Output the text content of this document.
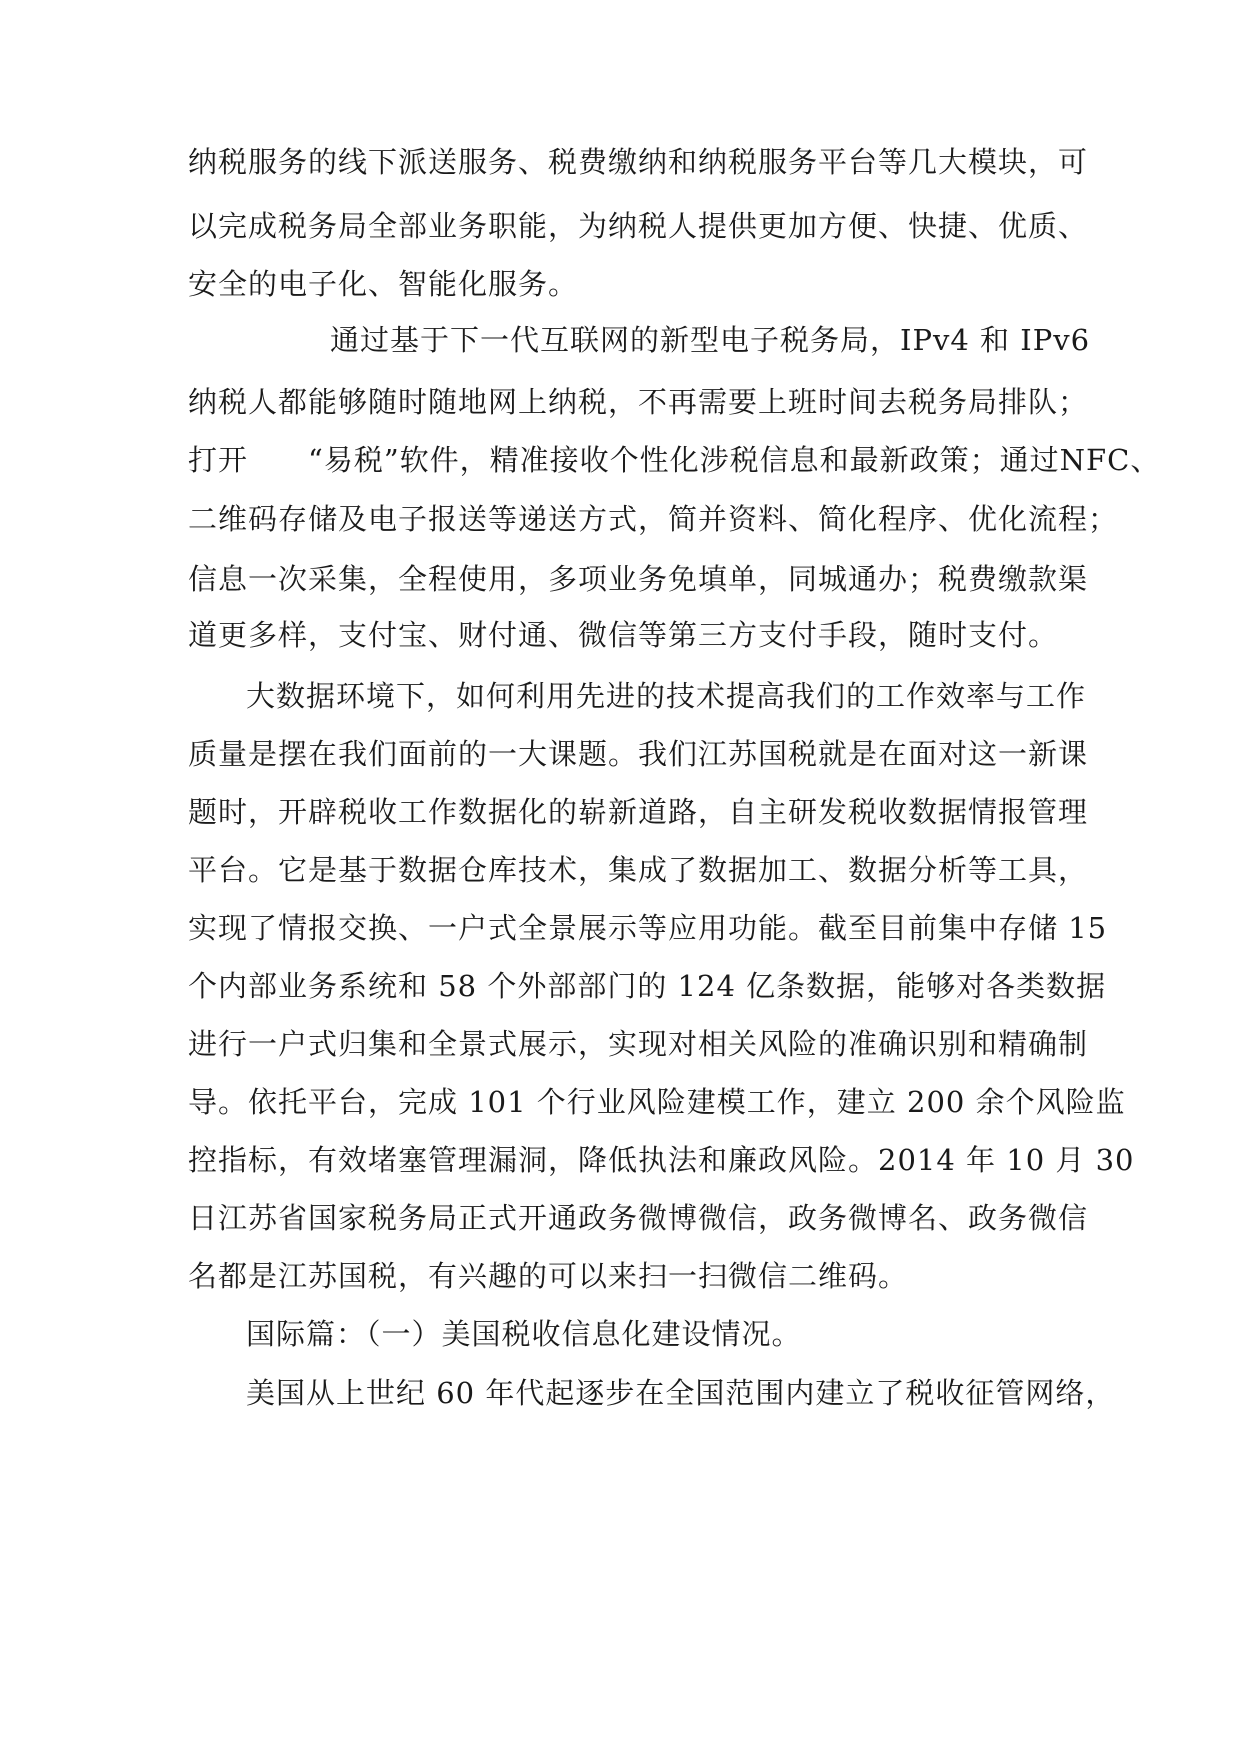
纳税服务的线下派送服务、税费缴纳和纳税服务平台等几大模块，可
以完成税务局全部业务职能，为纳税人提供更加方便、快捷、优质、
安全的电子化、智能化服务。
通过基于下一代互联网的新型电子税务局，IPv4 和 IPv6
纳税人都能够随时随地网上纳税，不再需要上班时间去税务局排队；
打开　　“易税”软件，精准接收个性化涉税信息和最新政策；通过NFC、
二维码存储及电子报送等递送方式，简并资料、简化程序、优化流程；
信息一次采集，全程使用，多项业务免填单，同城通办；税费缴款渠
道更多样，支付宝、财付通、微信等第三方支付手段，随时支付。
大数据环境下，如何利用先进的技术提高我们的工作效率与工作
质量是摆在我们面前的一大课题。我们江苏国税就是在面对这一新课
题时，开辟税收工作数据化的崭新道路，自主研发税收数据情报管理
平台。它是基于数据仓库技术，集成了数据加工、数据分析等工具，
实现了情报交换、一户式全景展示等应用功能。截至目前集中存储 15
个内部业务系统和 58 个外部部门的 124 亿条数据，能够对各类数据
进行一户式归集和全景式展示，实现对相关风险的准确识别和精确制
导。依托平台，完成 101 个行业风险建模工作，建立 200 余个风险监
控指标，有效堵塞管理漏洞，降低执法和廉政风险。2014 年 10 月 30
日江苏省国家税务局正式开通政务微博微信，政务微博名、政务微信
名都是江苏国税，有兴趣的可以来扫一扫微信二维码。
国际篇：（一）美国税收信息化建设情况。
美国从上世纪 60 年代起逐步在全国范围内建立了税收征管网络，
